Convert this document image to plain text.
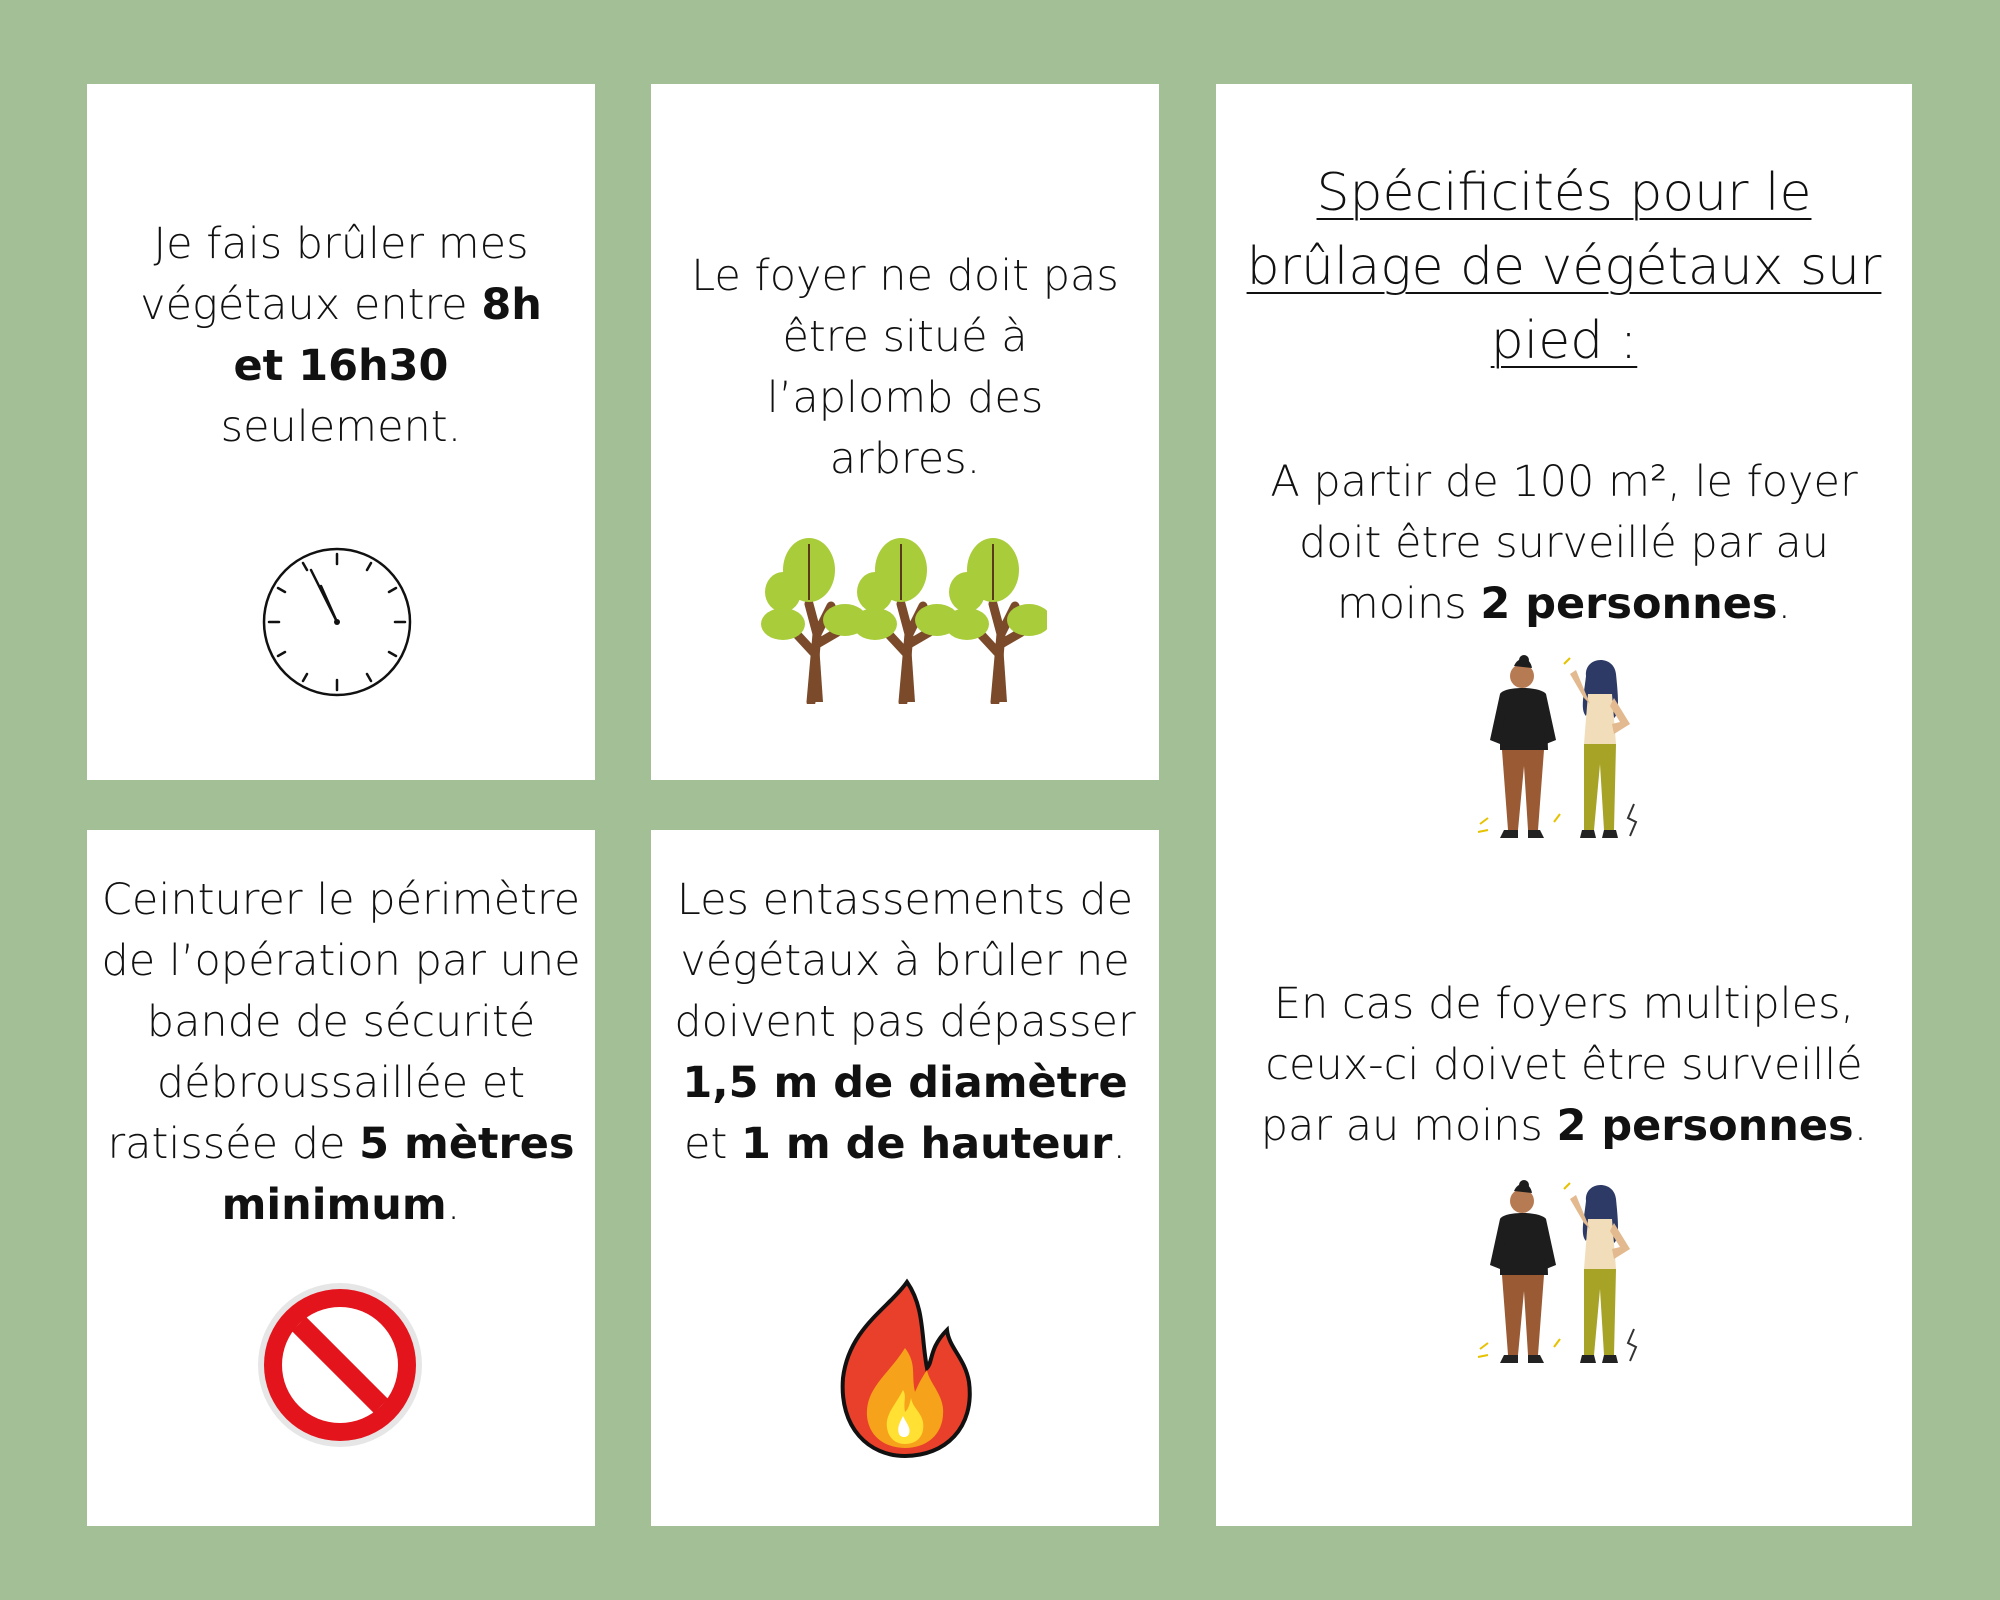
Je fais brûler mes
végétaux entre 8h et 16h30 seulement.
Le foyer ne doit pas être situé à l’aplomb des arbres.
Ceinturer le périmètre de l’opération par une bande de sécurité débroussaillée et ratissée de 5 mètres minimum.
Les entassements de végétaux à brûler ne doivent pas dépasser 1,5 m de diamètre et 1 m de hauteur.
Spécificités pour le brûlage de végétaux sur pied :
A partir de 100 m², le foyer doit être surveillé par au moins 2 personnes.
En cas de foyers multiples, ceux-ci doivet être surveillé par au moins 2 personnes.
